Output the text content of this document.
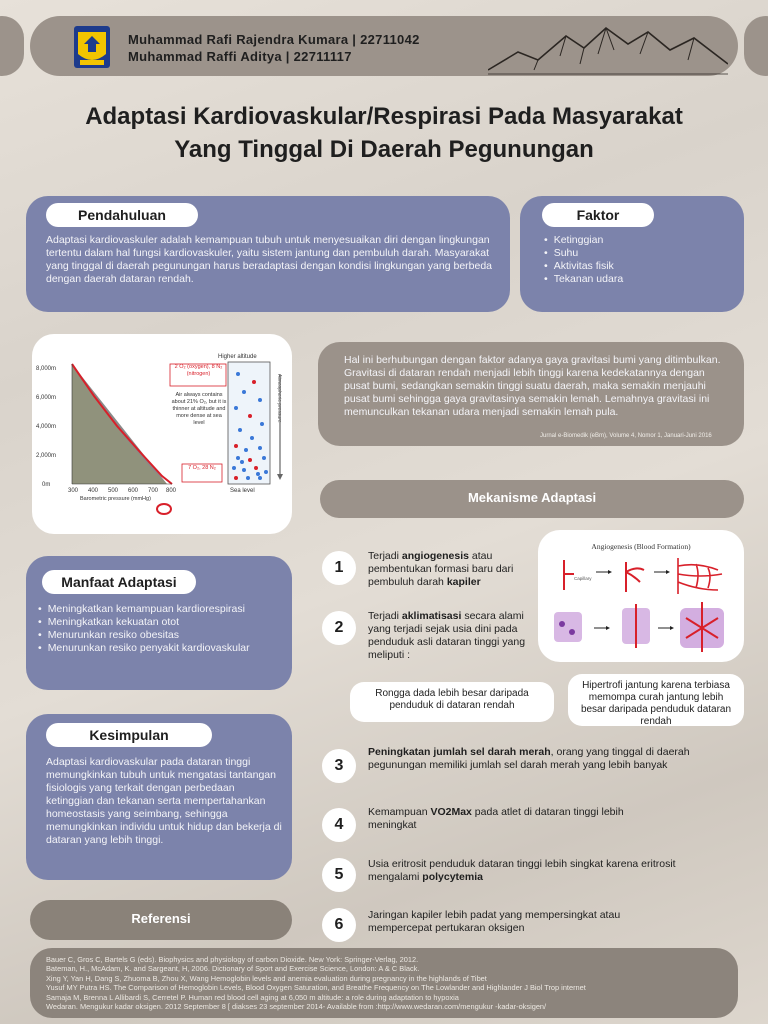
Muhammad Rafi Rajendra Kumara | 22711042
Muhammad Raffi Aditya | 22711117
Adaptasi Kardiovaskular/Respirasi Pada Masyarakat
Yang Tinggal Di Daerah Pegunungan
Pendahuluan
Adaptasi kardiovaskuler adalah kemampuan tubuh untuk menyesuaikan diri dengan lingkungan tertentu dalam hal fungsi kardiovaskuler, yaitu sistem jantung dan pembuluh darah. Masyarakat yang tinggal di daerah pegunungan harus beradaptasi dengan kondisi lingkungan yang berbeda dengan daerah dataran rendah.
Faktor
• Ketinggian
• Suhu
• Aktivitas fisik
• Tekanan udara
8,000m
6,000m
4,000m
2,000m
0m
300 400 500 600 700 800
Barometric pressure (mmHg)
2 O₂ (oxygen), 8 N₂ (nitrogen)
Air always contains about 21% O₂, but it is thinner at altitude and more dense at sea level
7 O₂, 28 N₂
Higher altitude
Sea level
Atmospheric pressure
Hal ini berhubungan dengan faktor adanya gaya gravitasi bumi yang ditimbulkan. Gravitasi di dataran rendah menjadi lebih tinggi karena kedekatannya dengan pusat bumi, sedangkan semakin tinggi suatu daerah, maka semakin menjauhi pusat bumi sehingga gaya gravitasinya semakin lemah. Lemahnya gravitasi ini memunculkan tekanan udara menjadi semakin lemah pula.
Jurnal e-Biomedik (eBm), Volume 4, Nomor 1, Januari-Juni 2016
Mekanisme Adaptasi
Angiogenesis (Blood Formation)
Capillary
1
Terjadi angiogenesis atau pembentukan formasi baru dari pembuluh darah kapiler
2
Terjadi aklimatisasi secara alami yang terjadi sejak usia dini pada penduduk asli dataran tinggi yang meliputi :
Rongga dada lebih besar daripada penduduk di dataran rendah
Hipertrofi jantung karena terbiasa memompa curah jantung lebih besar daripada penduduk dataran rendah
3
Peningkatan jumlah sel darah merah, orang yang tinggal di daerah pegunungan memiliki jumlah sel darah merah yang lebih banyak
4
Kemampuan VO2Max pada atlet di dataran tinggi lebih meningkat
5
Usia eritrosit penduduk dataran tinggi lebih singkat karena eritrosit mengalami polycytemia
6
Jaringan kapiler lebih padat yang mempersingkat atau mempercepat pertukaran oksigen
Manfaat Adaptasi
• Meningkatkan kemampuan kardiorespirasi
• Meningkatkan kekuatan otot
• Menurunkan resiko obesitas
• Menurunkan resiko penyakit kardiovaskular
Kesimpulan
Adaptasi kardiovaskular pada dataran tinggi memungkinkan tubuh untuk mengatasi tantangan fisiologis yang terkait dengan perbedaan ketinggian dan tekanan serta mempertahankan homeostasis yang seimbang, sehingga memungkinkan individu untuk hidup dan bekerja di dataran yang lebih tinggi.
Referensi

Bauer C, Gros C, Bartels G (eds). Biophysics and physiology of carbon Dioxide. New York: Springer-Verlag, 2012.

Bateman, H., McAdam, K. and Sargeant, H, 2006. Dictionary of Sport and Exercise Science, London: A & C Black.

Xing Y, Yan H, Dang S, Zhuoma B, Zhou X, Wang Hemoglobin levels and anemia evaluation during pregnancy in the highlands of Tibet

Yusuf MY Putra HS. The Comparison of Hemoglobin Levels, Blood Oxygen Saturation, and Breathe Frequency on The Lowlander and Highlander J Biol Trop internet

Samaja M, Brenna L Allibardi S, Cerretel P. Human red blood cell aging at 6,050 m altitude: a role during adaptation to hypoxia

Wedaran. Mengukur kadar oksigen. 2012 September 8 [ diakses 23 september 2014- Available from :http://www.wedaran.com/mengukur -kadar-oksigen/
